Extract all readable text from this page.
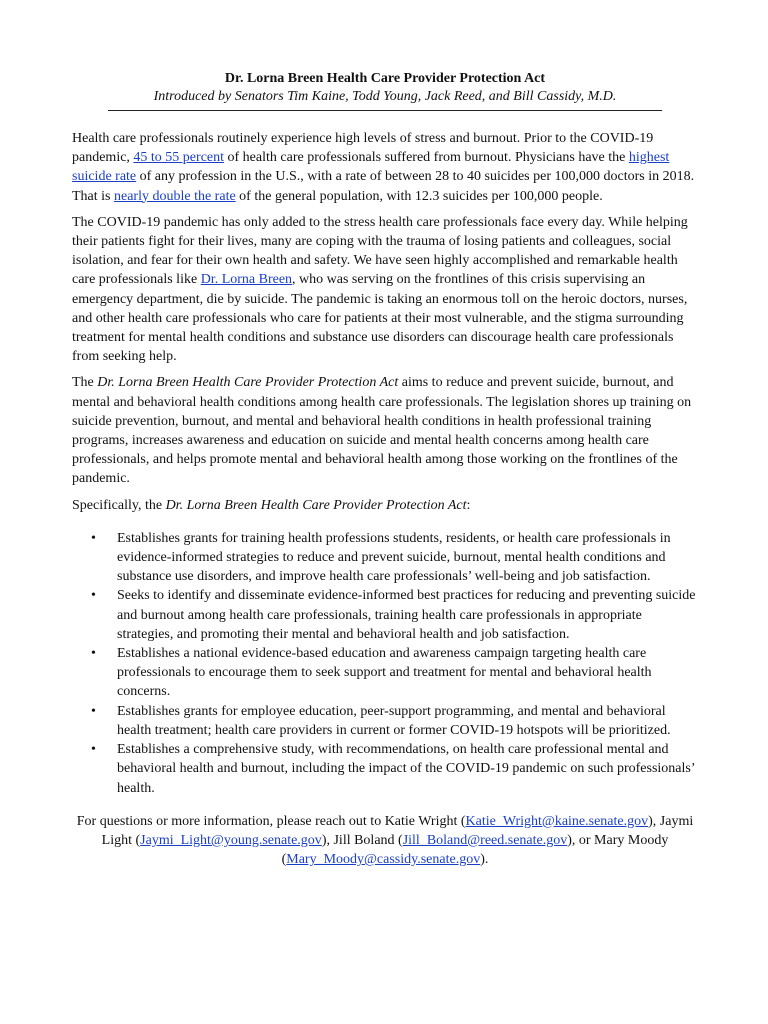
Dr. Lorna Breen Health Care Provider Protection Act
Introduced by Senators Tim Kaine, Todd Young, Jack Reed, and Bill Cassidy, M.D.

Health care professionals routinely experience high levels of stress and burnout. Prior to the COVID-19 pandemic, 45 to 55 percent of health care professionals suffered from burnout. Physicians have the highest suicide rate of any profession in the U.S., with a rate of between 28 to 40 suicides per 100,000 doctors in 2018. That is nearly double the rate of the general population, with 12.3 suicides per 100,000 people.

The COVID-19 pandemic has only added to the stress health care professionals face every day. While helping their patients fight for their lives, many are coping with the trauma of losing patients and colleagues, social isolation, and fear for their own health and safety. We have seen highly accomplished and remarkable health care professionals like Dr. Lorna Breen, who was serving on the frontlines of this crisis supervising an emergency department, die by suicide. The pandemic is taking an enormous toll on the heroic doctors, nurses, and other health care professionals who care for patients at their most vulnerable, and the stigma surrounding treatment for mental health conditions and substance use disorders can discourage health care professionals from seeking help.

The Dr. Lorna Breen Health Care Provider Protection Act aims to reduce and prevent suicide, burnout, and mental and behavioral health conditions among health care professionals. The legislation shores up training on suicide prevention, burnout, and mental and behavioral health conditions in health professional training programs, increases awareness and education on suicide and mental health concerns among health care professionals, and helps promote mental and behavioral health among those working on the frontlines of the pandemic.

Specifically, the Dr. Lorna Breen Health Care Provider Protection Act:

• Establishes grants for training health professions students, residents, or health care professionals in evidence-informed strategies to reduce and prevent suicide, burnout, mental health conditions and substance use disorders, and improve health care professionals’ well-being and job satisfaction.
• Seeks to identify and disseminate evidence-informed best practices for reducing and preventing suicide and burnout among health care professionals, training health care professionals in appropriate strategies, and promoting their mental and behavioral health and job satisfaction.
• Establishes a national evidence-based education and awareness campaign targeting health care professionals to encourage them to seek support and treatment for mental and behavioral health concerns.
• Establishes grants for employee education, peer-support programming, and mental and behavioral health treatment; health care providers in current or former COVID-19 hotspots will be prioritized.
• Establishes a comprehensive study, with recommendations, on health care professional mental and behavioral health and burnout, including the impact of the COVID-19 pandemic on such professionals’ health.
For questions or more information, please reach out to Katie Wright (Katie_Wright@kaine.senate.gov), Jaymi Light (Jaymi_Light@young.senate.gov), Jill Boland (Jill_Boland@reed.senate.gov), or Mary Moody (Mary_Moody@cassidy.senate.gov).
